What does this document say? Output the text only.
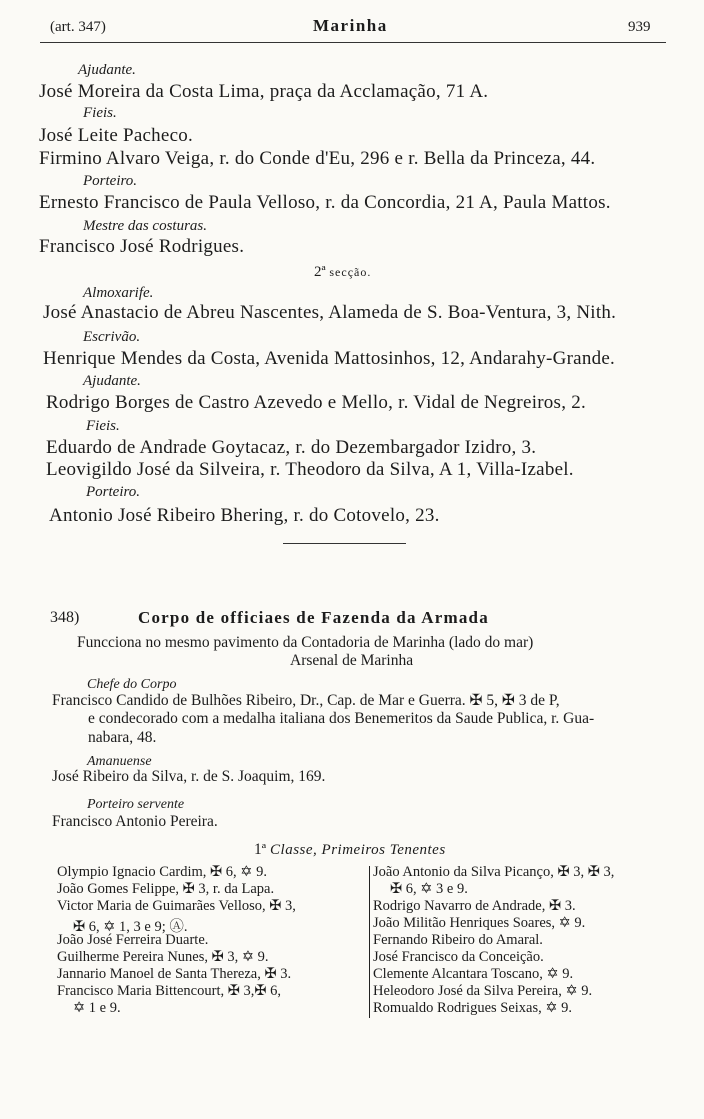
(art. 347)	Marinha	939
Ajudante.
José Moreira da Costa Lima, praça da Acclamação, 71 A.
Fieis.
José Leite Pacheco.
Firmino Alvaro Veiga, r. do Conde d'Eu, 296 e r. Bella da Princeza, 44.
Porteiro.
Ernesto Francisco de Paula Velloso, r. da Concordia, 21 A, Paula Mattos.
Mestre das costuras.
Francisco José Rodrigues.
2ª secção.
Almoxarife.
José Anastacio de Abreu Nascentes, Alameda de S. Boa-Ventura, 3, Nith.
Escrivão.
Henrique Mendes da Costa, Avenida Mattosinhos, 12, Andarahy-Grande.
Ajudante.
Rodrigo Borges de Castro Azevedo e Mello, r. Vidal de Negreiros, 2.
Fieis.
Eduardo de Andrade Goytacaz, r. do Dezembargador Izidro, 3.
Leovigildo José da Silveira, r. Theodoro da Silva, A 1, Villa-Izabel.
Porteiro.
Antonio José Ribeiro Bhering, r. do Cotovelo, 23.
348)	Corpo de officiaes de Fazenda da Armada
Funcciona no mesmo pavimento da Contadoria de Marinha (lado do mar)
Arsenal de Marinha
Chefe do Corpo
Francisco Candido de Bulhões Ribeiro, Dr., Cap. de Mar e Guerra. ✠ 5, ✠ 3 de P,
e condecorado com a medalha italiana dos Benemeritos da Saude Publica, r. Gua-
nabara, 48.
Amanuense
José Ribeiro da Silva, r. de S. Joaquim, 169.
Porteiro servente
Francisco Antonio Pereira.
1ª Classe, Primeiros Tenentes
Olympio Ignacio Cardim, ✠ 6, ✡ 9.
João Gomes Felippe, ✠ 3, r. da Lapa.
Victor Maria de Guimarães Velloso, ✠ 3,
✠ 6, ✡ 1, 3 e 9; Ⓐ.
João José Ferreira Duarte.
Guilherme Pereira Nunes, ✠ 3, ✡ 9.
Jannario Manoel de Santa Thereza, ✠ 3.
Francisco Maria Bittencourt, ✠ 3,✠ 6,
✡ 1 e 9.
João Antonio da Silva Picanço, ✠ 3, ✠ 3,
✠ 6, ✡ 3 e 9.
Rodrigo Navarro de Andrade, ✠ 3.
João Militão Henriques Soares, ✡ 9.
Fernando Ribeiro do Amaral.
José Francisco da Conceição.
Clemente Alcantara Toscano, ✡ 9.
Heleodoro José da Silva Pereira, ✡ 9.
Romualdo Rodrigues Seixas, ✡ 9.
